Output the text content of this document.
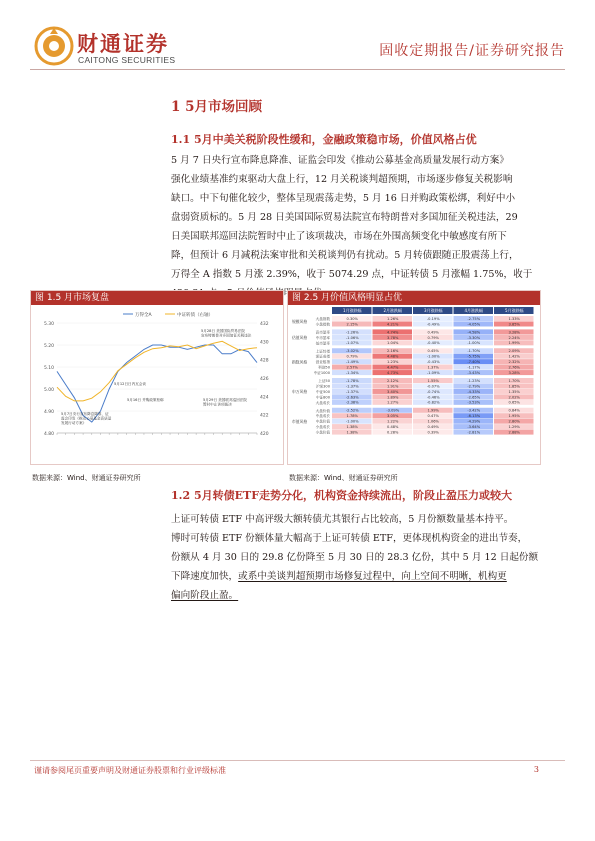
财通证券
CAITONG SECURITIES
固收定期报告/证券研究报告
1 5月市场回顾
1.1 5月中美关税阶段性缓和，金融政策稳市场，价值风格占优
5 月 7 日央行宣布降息降准、证监会印发《推动公募基金高质量发展行动方案》
强化业绩基准约束驱动大盘上行，12 月关税谈判超预期，市场逐步修复关税影响
缺口。中下旬催化较少，整体呈现震荡走势，5 月 16 日并购政策松绑，利好中小
盘弱资质标的。5 月 28 日美国国际贸易法院宣布特朗普对多国加征关税违法，29
日美国联邦巡回法院暂时中止了该项裁决，市场在外围高频变化中敏感度有所下
降，但预计 6 月减税法案审批和关税谈判仍有扰动。5 月转债跟随正股震荡上行，
万得全 A 指数 5 月涨 2.39%，收于 5074.29 点，中证转债 5 月涨幅 1.75%，收于
月价值风格明显占优。
图 1.5 月市场复盘
5.30
5.20
5.10
5.00
4.90
4.80
432
430
428
426
424
422
420
万得全A	中证转债（右轴）
5月7日央行宣布降息降准、证监会印发《推动公募基金高质量发展行动方案》
5月12日日内瓦会谈
5月16日 并购政策松绑
5月28日 美国国际贸易法院宣布特朗普对多国加征关税违法
5月29日 美国联邦巡回法院暂时中止该项裁决
数据来源：Wind、财通证券研究所
图 2.5 月价值风格明显占优
1月涨跌幅	2月涨跌幅	3月涨跌幅	4月涨跌幅	5月涨跌幅
规模风格 大盘指数	0.30%	1.26%	-0.19%	-2.75%	1.33%
小盘指数	2.15%	4.21%	-0.49%	-4.05%	3.85%
估值风格
高市盈率	-1.26%	4.74%	0.49%	-4.58%	3.28%
中市盈率	-1.06%	3.78%	0.79%	-3.30%	2.24%
低市盈率	-1.07%	1.04%	-0.40%	-1.00%	1.99%
指数风格
上证综指	-3.02%	2.16%	0.45%	-1.70%	2.09%
深证成指	0.79%	4.48%	-1.00%	-5.75%	1.42%
创业板指	-1.49%	1.23%	-0.43%	-7.40%	2.32%
科创50	2.57%	4.47%	1.37%	-1.17%	2.76%
中证1000	-1.34%	4.73%	-1.09%	-3.43%	3.28%
申万风格
上证50	-1.78%	2.12%	1.55%	-1.23%	1.70%
沪深300	-1.37%	1.91%	-0.07%	-2.79%	1.85%
中证500	-1.37%	3.40%	-0.74%	-4.33%	1.35%
中证800	-2.63%	1.89%	-0.46%	-2.65%	2.02%
大盘成长	-2.38%	1.27%	-0.82%	-3.53%	0.65%
市值风格
大盘价值	-2.52%	-3.09%	1.99%	-3.42%	0.84%
中盘成长	1.78%	3.05%	0.47%	-6.13%	1.95%
中盘价值	-1.00%	1.22%	1.06%	-4.29%	2.80%
小盘成长	1.38%	0.48%	0.49%	-3.64%	1.29%
小盘价值	1.38%	0.28%	0.39%	-2.81%	2.88%
数据来源：Wind、财通证券研究所
1.2 5月转债ETF走势分化，机构资金持续流出，阶段止盈压力或较大
上证可转债 ETF 中高评级大额转债尤其银行占比较高，5 月份额数量基本持平。
博时可转债 ETF 份额体量大幅高于上证可转债 ETF，更体现机构资金的进出节奏，
份额从 4 月 30 日的 29.8 亿份降至 5 月 30 日的 28.3 亿份，其中 5 月 12 日起份额
下降速度加快，或系中美谈判超预期市场修复过程中，向上空间不明晰，机构更
偏向阶段止盈。
谨请参阅尾页重要声明及财通证券股票和行业评级标准	3
